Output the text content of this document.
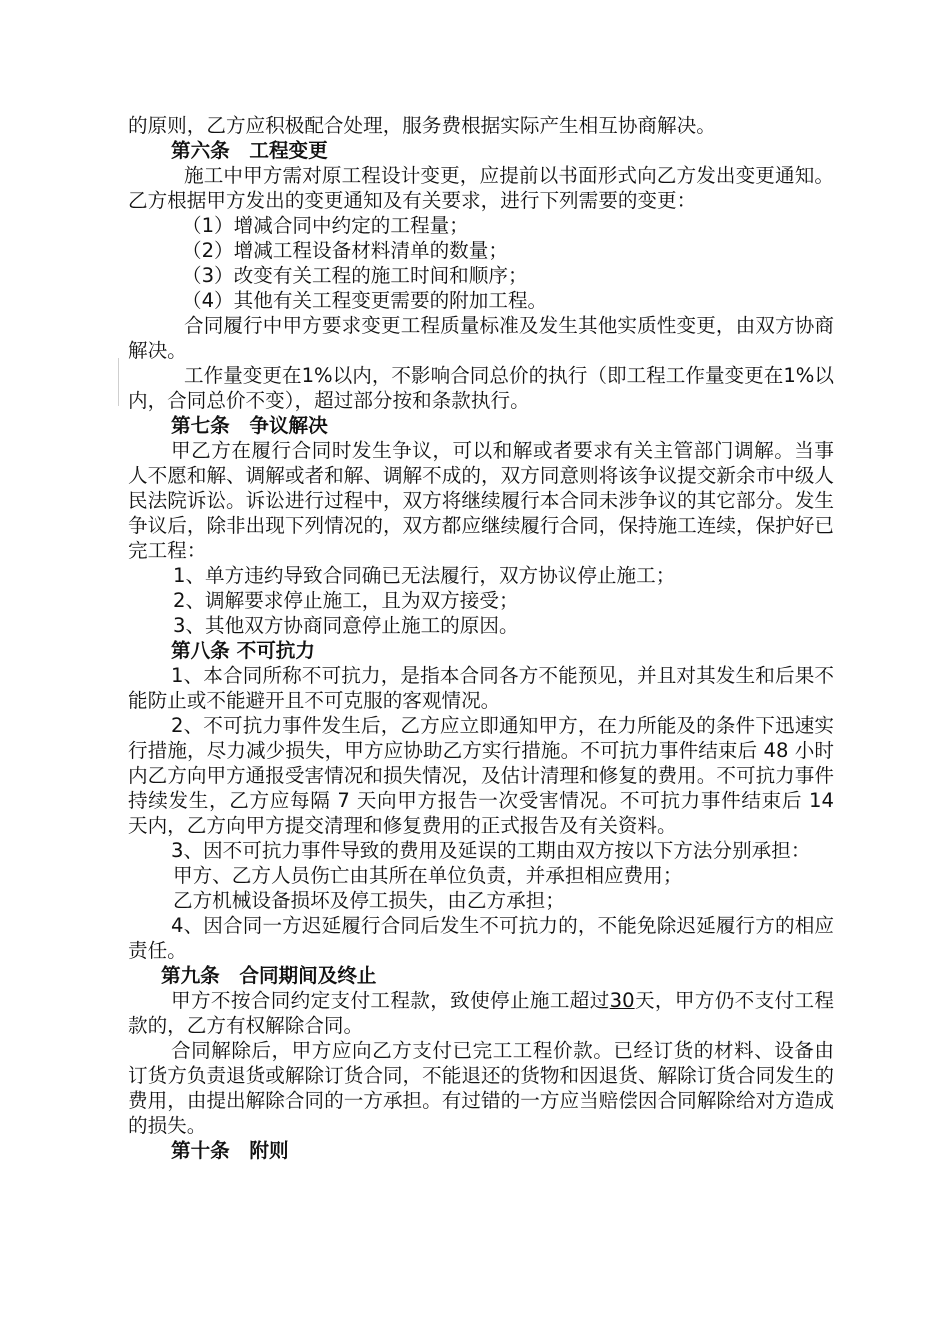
的原则，乙方应积极配合处理，服务费根据实际产生相互协商解决。

第六条　工程变更

施工中甲方需对原工程设计变更，应提前以书面形式向乙方发出变更通知。乙方根据甲方发出的变更通知及有关要求，进行下列需要的变更：

（1）增减合同中约定的工程量；

（2）增减工程设备材料清单的数量；

（3）改变有关工程的施工时间和顺序；

（4）其他有关工程变更需要的附加工程。

合同履行中甲方要求变更工程质量标准及发生其他实质性变更，由双方协商解决。

工作量变更在1%以内，不影响合同总价的执行（即工程工作量变更在1%以内，合同总价不变），超过部分按和条款执行。

第七条　争议解决

甲乙方在履行合同时发生争议，可以和解或者要求有关主管部门调解。当事人不愿和解、调解或者和解、调解不成的，双方同意则将该争议提交新余市中级人民法院诉讼。诉讼进行过程中，双方将继续履行本合同未涉争议的其它部分。发生争议后，除非出现下列情况的，双方都应继续履行合同，保持施工连续，保护好已完工程：

1、单方违约导致合同确已无法履行，双方协议停止施工；

2、调解要求停止施工，且为双方接受；

3、其他双方协商同意停止施工的原因。

第八条 不可抗力

1、本合同所称不可抗力，是指本合同各方不能预见，并且对其发生和后果不能防止或不能避开且不可克服的客观情况。

2、不可抗力事件发生后，乙方应立即通知甲方，在力所能及的条件下迅速实行措施，尽力减少损失，甲方应协助乙方实行措施。不可抗力事件结束后 48 小时内乙方向甲方通报受害情况和损失情况，及估计清理和修复的费用。不可抗力事件持续发生，乙方应每隔 7 天向甲方报告一次受害情况。不可抗力事件结束后 14 天内，乙方向甲方提交清理和修复费用的正式报告及有关资料。

3、因不可抗力事件导致的费用及延误的工期由双方按以下方法分别承担：

甲方、乙方人员伤亡由其所在单位负责，并承担相应费用；

乙方机械设备损坏及停工损失，由乙方承担；

4、因合同一方迟延履行合同后发生不可抗力的，不能免除迟延履行方的相应责任。

第九条　合同期间及终止

甲方不按合同约定支付工程款，致使停止施工超过30天，甲方仍不支付工程款的，乙方有权解除合同。

合同解除后，甲方应向乙方支付已完工工程价款。已经订货的材料、设备由订货方负责退货或解除订货合同，不能退还的货物和因退货、解除订货合同发生的费用，由提出解除合同的一方承担。有过错的一方应当赔偿因合同解除给对方造成的损失。

第十条　附则
